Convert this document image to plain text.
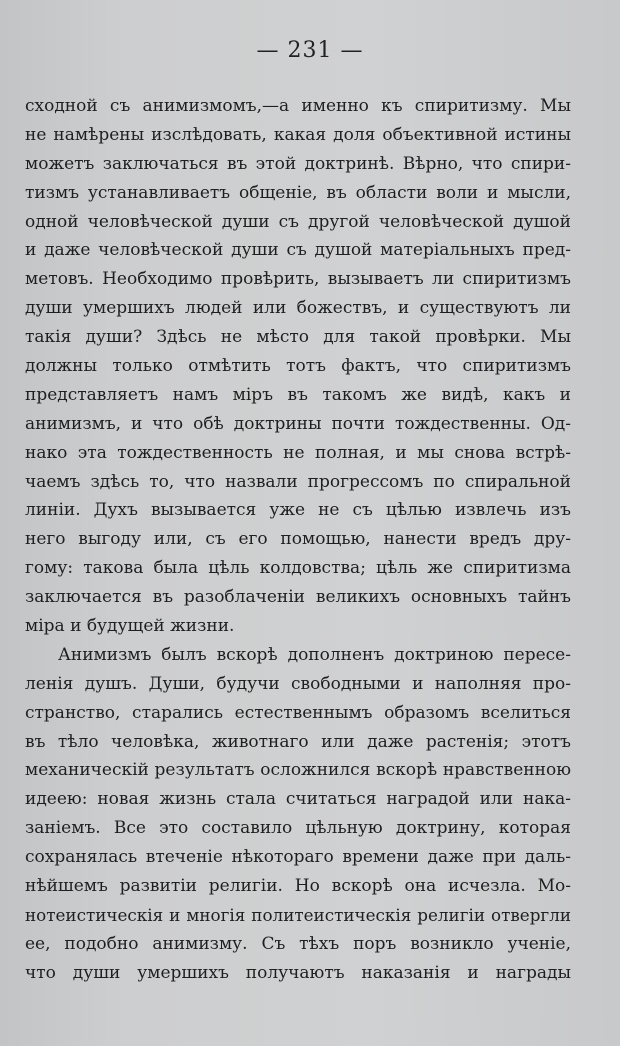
— 231 —
сходной съ анимизмомъ,—а именно къ спиритизму. Мы
не намѣрены изслѣдовать, какая доля объективной истины
можетъ заключаться въ этой доктринѣ. Вѣрно, что спири-
тизмъ устанавливаетъ общеніе, въ области воли и мысли,
одной человѣческой души съ другой человѣческой душой
и даже человѣческой души съ душой матеріальныхъ пред-
метовъ. Необходимо провѣрить, вызываетъ ли спиритизмъ
души умершихъ людей или божествъ, и существуютъ ли
такія души? Здѣсь не мѣсто для такой провѣрки. Мы
должны только отмѣтить тотъ фактъ, что спиритизмъ
представляетъ намъ міръ въ такомъ же видѣ, какъ и
анимизмъ, и что обѣ доктрины почти тождественны. Од-
нако эта тождественность не полная, и мы снова встрѣ-
чаемъ здѣсь то, что назвали прогрессомъ по спиральной
линіи. Духъ вызывается уже не съ цѣлью извлечь изъ
него выгоду или, съ его помощью, нанести вредъ дру-
гому: такова была цѣль колдовства; цѣль же спиритизма
заключается въ разоблаченіи великихъ основныхъ тайнъ
міра и будущей жизни.
Анимизмъ былъ вскорѣ дополненъ доктриною пересе-
ленія душъ. Души, будучи свободными и наполняя про-
странство, старались естественнымъ образомъ вселиться
въ тѣло человѣка, животнаго или даже растенія; этотъ
механическій результатъ осложнился вскорѣ нравственною
идеею: новая жизнь стала считаться наградой или нака-
заніемъ. Все это составило цѣльную доктрину, которая
сохранялась втеченіе нѣкотораго времени даже при даль-
нѣйшемъ развитіи религіи. Но вскорѣ она исчезла. Мо-
нотеистическія и многія политеистическія религіи отвергли
ее, подобно анимизму. Съ тѣхъ поръ возникло ученіе,
что души умершихъ получаютъ наказанія и награды
